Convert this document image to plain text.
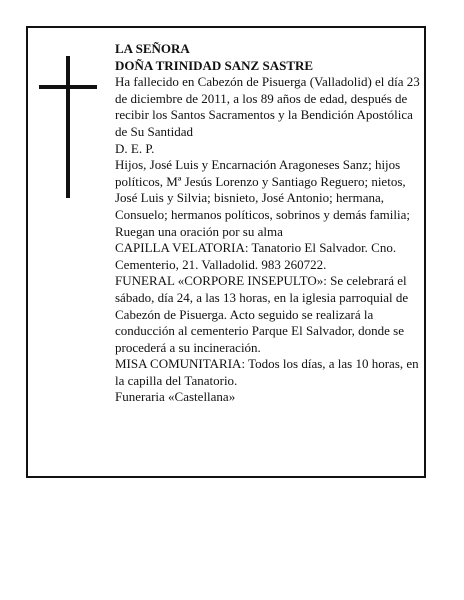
LA SEÑORA

DOÑA TRINIDAD SANZ SASTRE

Ha fallecido en Cabezón de Pisuerga (Valladolid) el día 23 de diciembre de 2011, a los 89 años de edad, después de recibir los Santos Sacramentos y la Bendición Apostólica de Su Santidad

D. E. P.

Hijos, José Luis y Encarnación Aragoneses Sanz; hijos políticos, Mª Jesús Lorenzo y Santiago Reguero; nietos, José Luis y Silvia; bisnieto, José Antonio; hermana, Consuelo; hermanos políticos, sobrinos y demás familia;

Ruegan una oración por su alma

CAPILLA VELATORIA: Tanatorio El Salvador. Cno. Cementerio, 21. Valladolid. 983 260722.

FUNERAL «CORPORE INSEPULTO»: Se celebrará el sábado, día 24, a las 13 horas, en la iglesia parroquial de Cabezón de Pisuerga. Acto seguido se realizará la conducción al cementerio Parque El Salvador, donde se procederá a su incineración.

MISA COMUNITARIA: Todos los días, a las 10 horas, en la capilla del Tanatorio.

Funeraria «Castellana»
